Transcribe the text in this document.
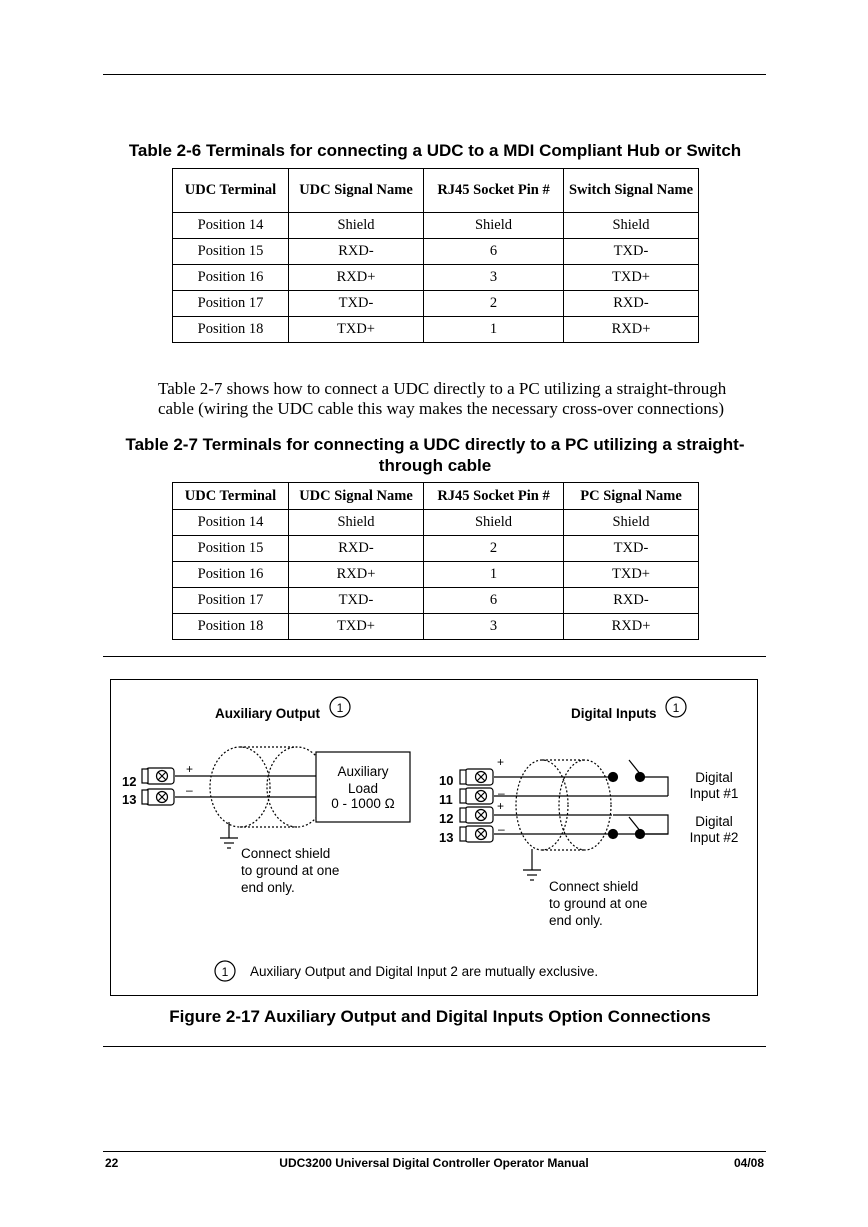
Table 2-6 Terminals for connecting a UDC to a MDI Compliant Hub or Switch
UDC Terminal	UDC Signal Name	RJ45 Socket Pin #	Switch Signal Name
Position 14	Shield	Shield	Shield
Position 15	RXD-	6	TXD-
Position 16	RXD+	3	TXD+
Position 17	TXD-	2	RXD-
Position 18	TXD+	1	RXD+
Table 2-7 shows how to connect a UDC directly to a PC utilizing a straight-through
cable (wiring the UDC cable this way makes the necessary cross-over connections)
Table 2-7 Terminals for connecting a UDC directly to a PC utilizing a straight-
through cable
UDC Terminal	UDC Signal Name	RJ45 Socket Pin #	PC Signal Name
Position 14	Shield	Shield	Shield
Position 15	RXD-	2	TXD-
Position 16	RXD+	1	TXD+
Position 17	TXD-	6	RXD-
Position 18	TXD+	3	RXD+
Auxiliary Output 1
12
13
+
–
Connect shield
to ground at one
end only.
Auxiliary
Load
0 - 1000 Ω
Digital Inputs 1
10
11
12
13
+
–
+
–
Digital
Input #1
Digital
Input #2
Connect shield
to ground at one
end only.
1 Auxiliary Output and Digital Input 2 are mutually exclusive.
Figure 2-17 Auxiliary Output and Digital Inputs Option Connections
22	UDC3200 Universal Digital Controller Operator Manual	04/08
